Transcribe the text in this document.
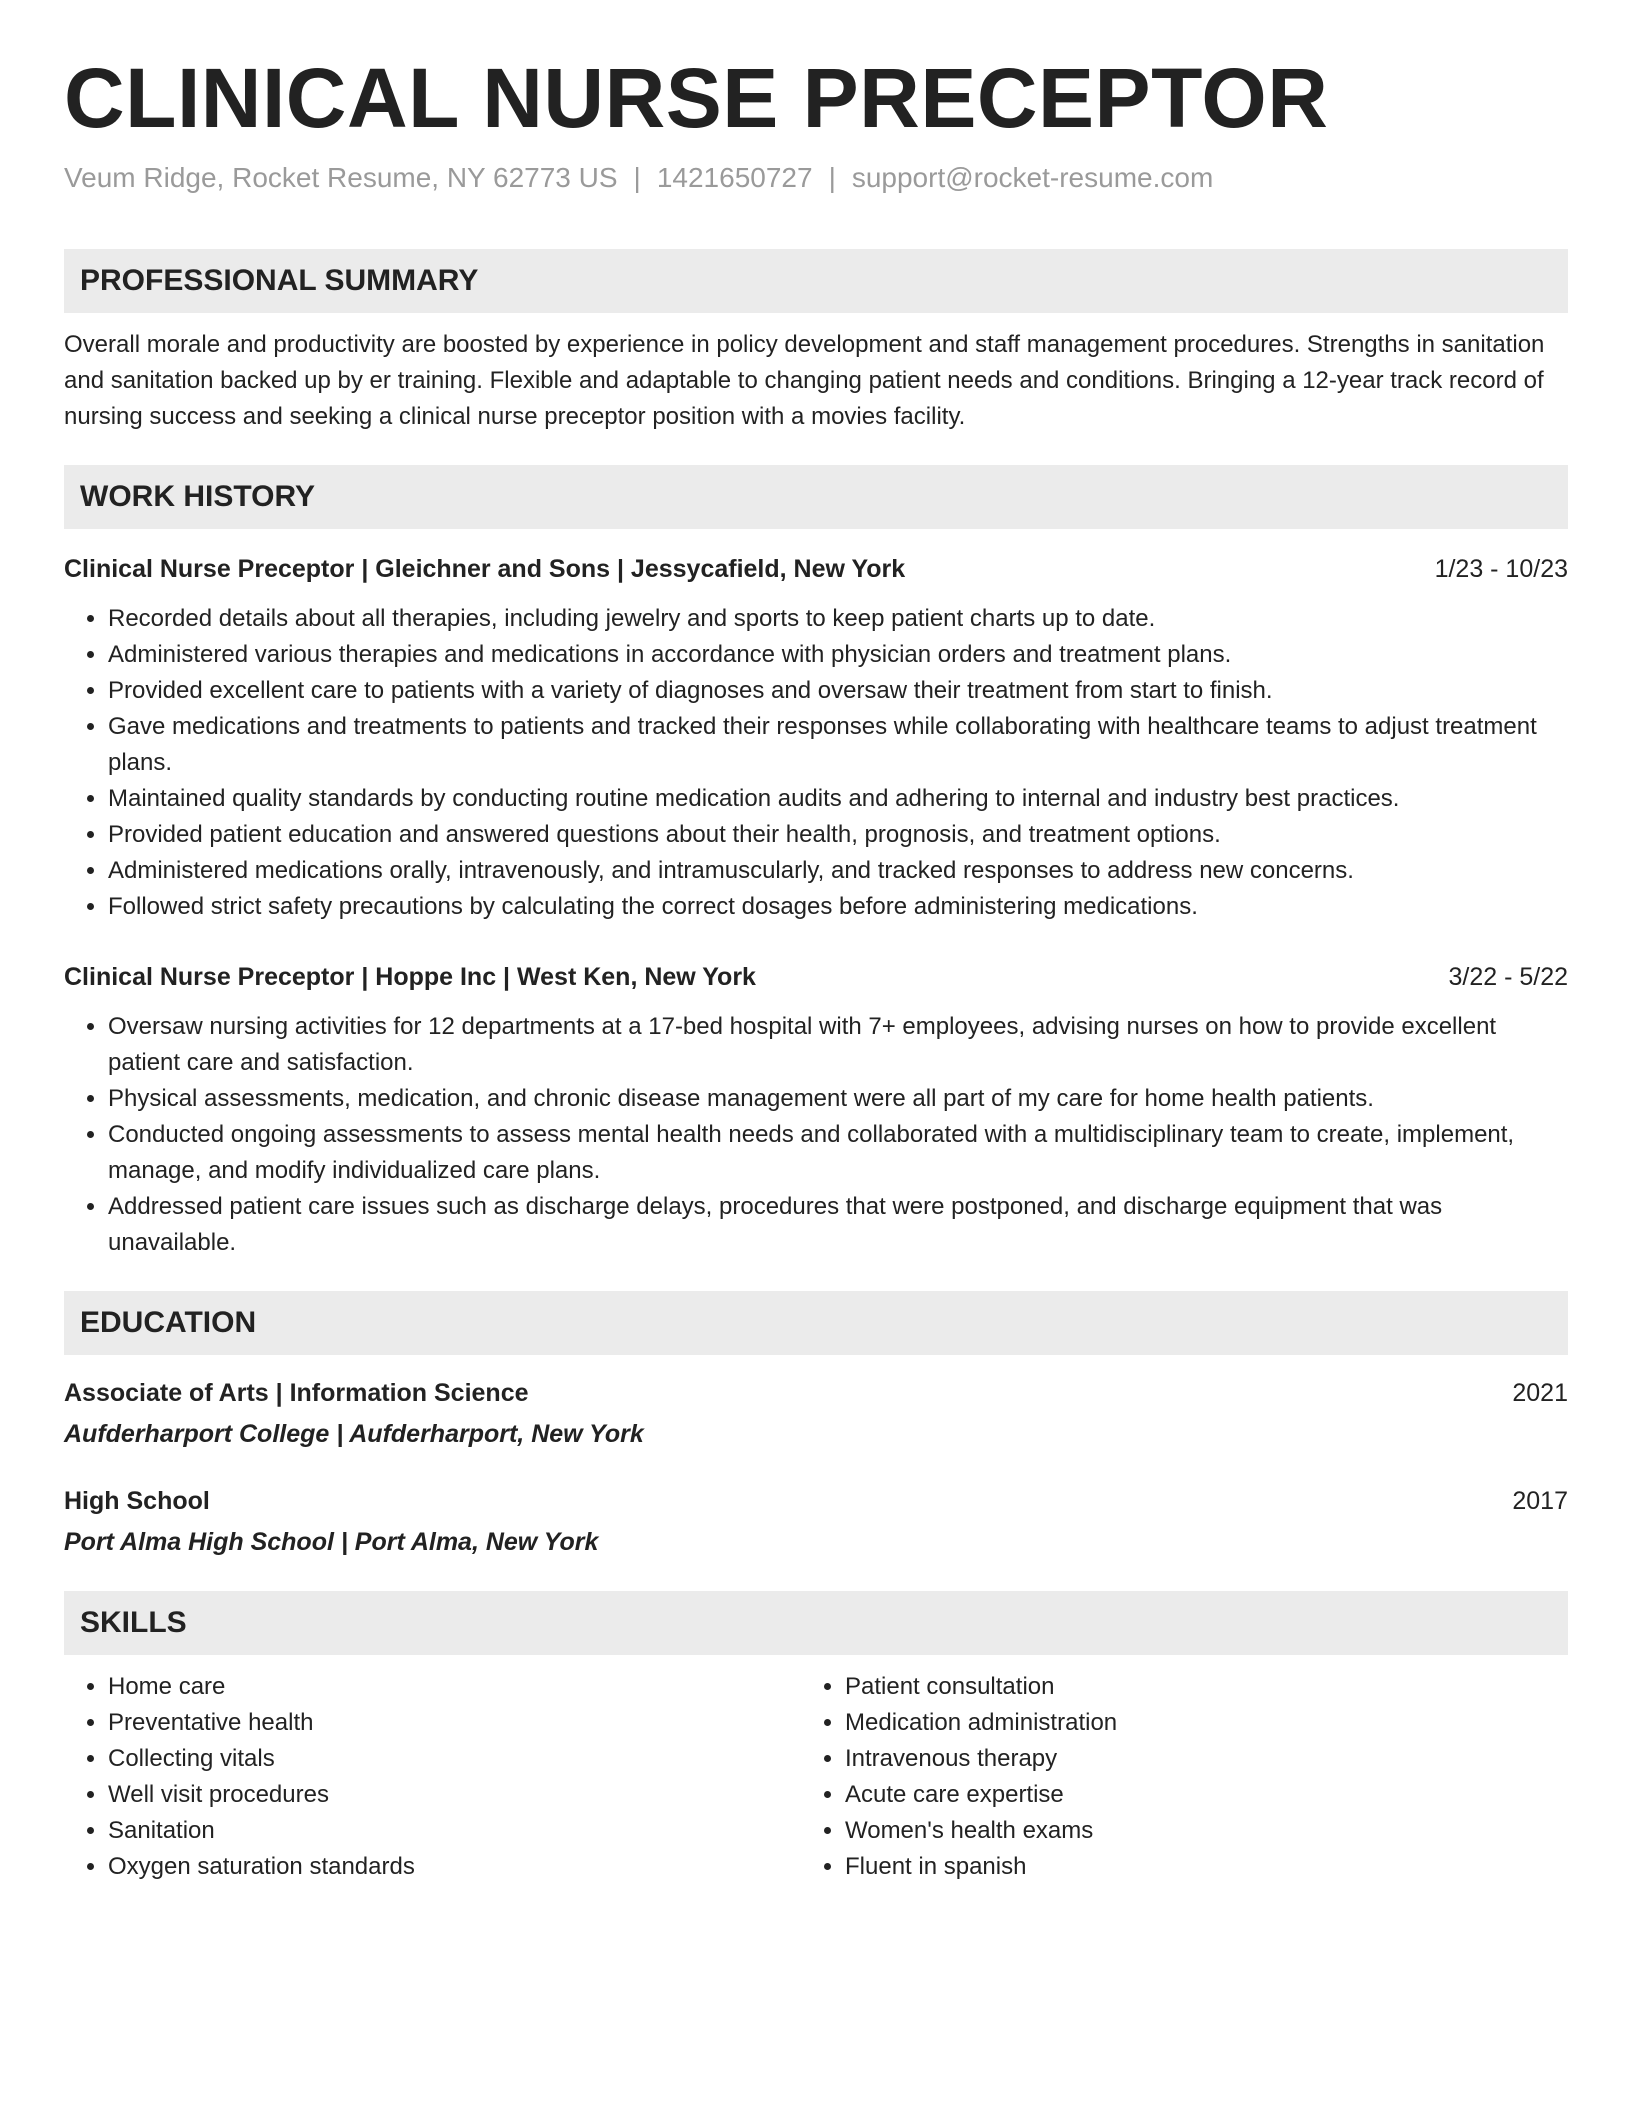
CLINICAL NURSE PRECEPTOR
Veum Ridge, Rocket Resume, NY 62773 US | 1421650727 | support@rocket-resume.com
PROFESSIONAL SUMMARY
Overall morale and productivity are boosted by experience in policy development and staff management procedures. Strengths in sanitation and sanitation backed up by er training. Flexible and adaptable to changing patient needs and conditions. Bringing a 12-year track record of nursing success and seeking a clinical nurse preceptor position with a movies facility.
WORK HISTORY
Clinical Nurse Preceptor | Gleichner and Sons | Jessycafield, New York	1/23 - 10/23
• Recorded details about all therapies, including jewelry and sports to keep patient charts up to date.
• Administered various therapies and medications in accordance with physician orders and treatment plans.
• Provided excellent care to patients with a variety of diagnoses and oversaw their treatment from start to finish.
• Gave medications and treatments to patients and tracked their responses while collaborating with healthcare teams to adjust treatment plans.
• Maintained quality standards by conducting routine medication audits and adhering to internal and industry best practices.
• Provided patient education and answered questions about their health, prognosis, and treatment options.
• Administered medications orally, intravenously, and intramuscularly, and tracked responses to address new concerns.
• Followed strict safety precautions by calculating the correct dosages before administering medications.
Clinical Nurse Preceptor | Hoppe Inc | West Ken, New York	3/22 - 5/22
• Oversaw nursing activities for 12 departments at a 17-bed hospital with 7+ employees, advising nurses on how to provide excellent patient care and satisfaction.
• Physical assessments, medication, and chronic disease management were all part of my care for home health patients.
• Conducted ongoing assessments to assess mental health needs and collaborated with a multidisciplinary team to create, implement, manage, and modify individualized care plans.
• Addressed patient care issues such as discharge delays, procedures that were postponed, and discharge equipment that was unavailable.
EDUCATION
Associate of Arts | Information Science	2021
Aufderharport College | Aufderharport, New York
High School	2017
Port Alma High School | Port Alma, New York
SKILLS
• Home care
• Preventative health
• Collecting vitals
• Well visit procedures
• Sanitation
• Oxygen saturation standards
• Patient consultation
• Medication administration
• Intravenous therapy
• Acute care expertise
• Women's health exams
• Fluent in spanish
